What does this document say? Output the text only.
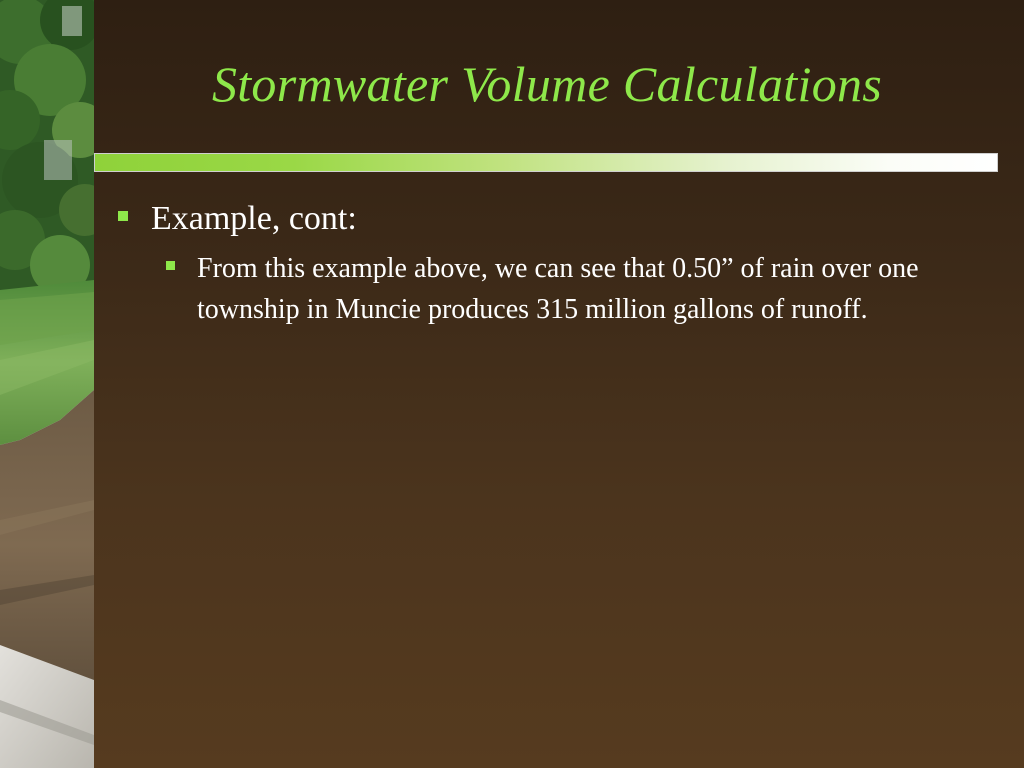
Stormwater Volume Calculations
Example, cont:
From this example above, we can see that 0.50” of rain over one township in Muncie produces 315 million gallons of runoff.
